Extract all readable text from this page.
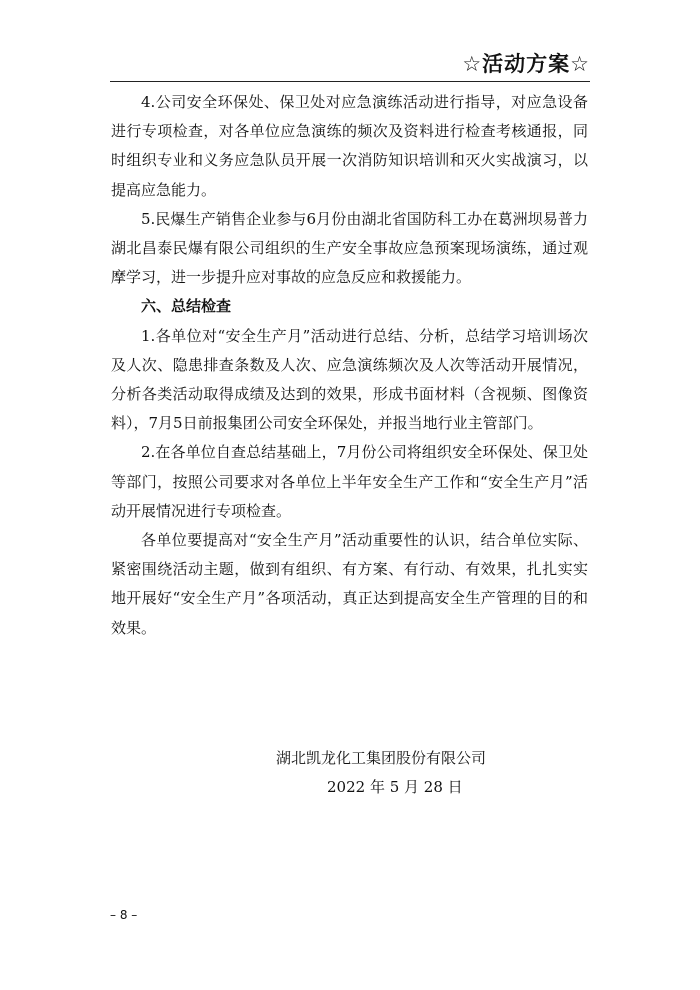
☆活动方案☆

4.公司安全环保处、保卫处对应急演练活动进行指导，对应急设备进行专项检查，对各单位应急演练的频次及资料进行检查考核通报，同时组织专业和义务应急队员开展一次消防知识培训和灭火实战演习，以提高应急能力。

5.民爆生产销售企业参与6月份由湖北省国防科工办在葛洲坝易普力湖北昌泰民爆有限公司组织的生产安全事故应急预案现场演练，通过观摩学习，进一步提升应对事故的应急反应和救援能力。

六、总结检查

1.各单位对“安全生产月”活动进行总结、分析，总结学习培训场次及人次、隐患排查条数及人次、应急演练频次及人次等活动开展情况，分析各类活动取得成绩及达到的效果，形成书面材料（含视频、图像资料），7月5日前报集团公司安全环保处，并报当地行业主管部门。

2.在各单位自查总结基础上，7月份公司将组织安全环保处、保卫处等部门，按照公司要求对各单位上半年安全生产工作和“安全生产月”活动开展情况进行专项检查。

各单位要提高对“安全生产月”活动重要性的认识，结合单位实际、紧密围绕活动主题，做到有组织、有方案、有行动、有效果，扎扎实实地开展好“安全生产月”各项活动，真正达到提高安全生产管理的目的和效果。

湖北凯龙化工集团股份有限公司
2022 年 5 月 28 日
– 8 –
